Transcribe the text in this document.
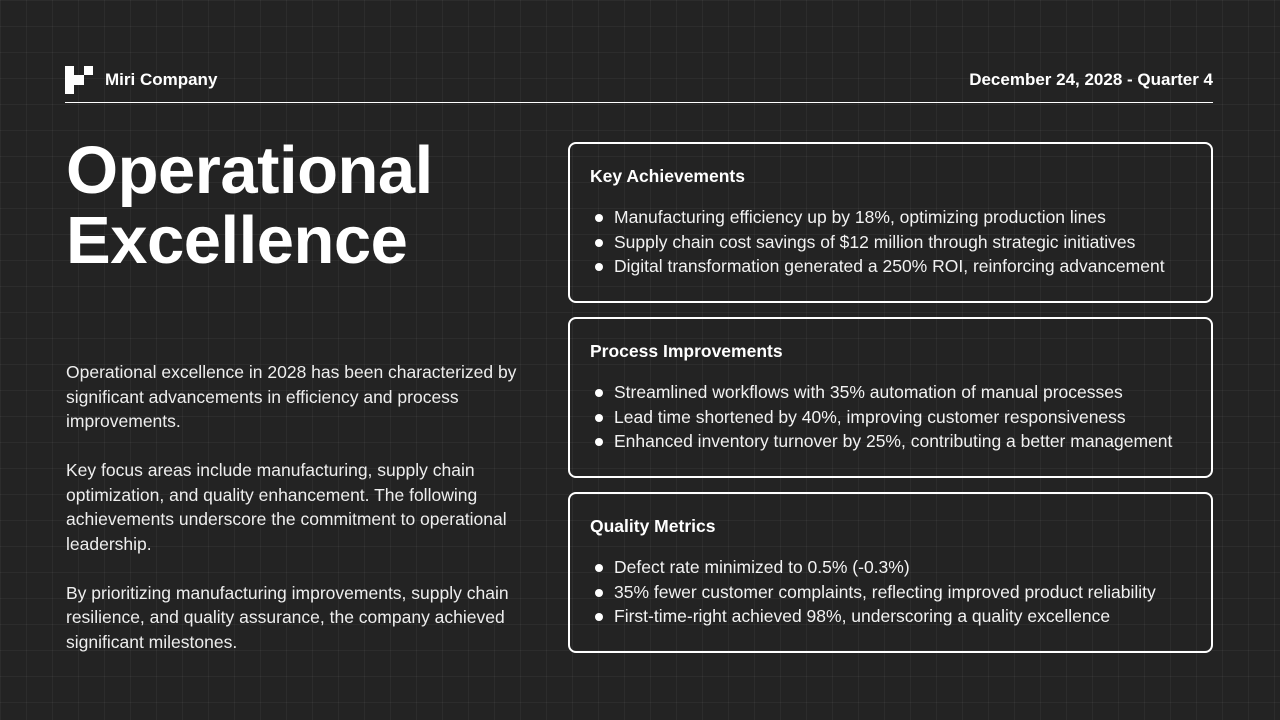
Miri Company	December 24, 2028 - Quarter 4
Operational
Excellence

Operational excellence in 2028 has been characterized by significant advancements in efficiency and process improvements.

Key focus areas include manufacturing, supply chain optimization, and quality enhancement. The following achievements underscore the commitment to operational leadership.

By prioritizing manufacturing improvements, supply chain resilience, and quality assurance, the company achieved significant milestones.

Key Achievements
Manufacturing efficiency up by 18%, optimizing production lines
Supply chain cost savings of $12 million through strategic initiatives
Digital transformation generated a 250% ROI, reinforcing advancement
Process Improvements
Streamlined workflows with 35% automation of manual processes
Lead time shortened by 40%, improving customer responsiveness
Enhanced inventory turnover by 25%, contributing a better management
Quality Metrics
Defect rate minimized to 0.5% (-0.3%)
35% fewer customer complaints, reflecting improved product reliability
First-time-right achieved 98%, underscoring a quality excellence
